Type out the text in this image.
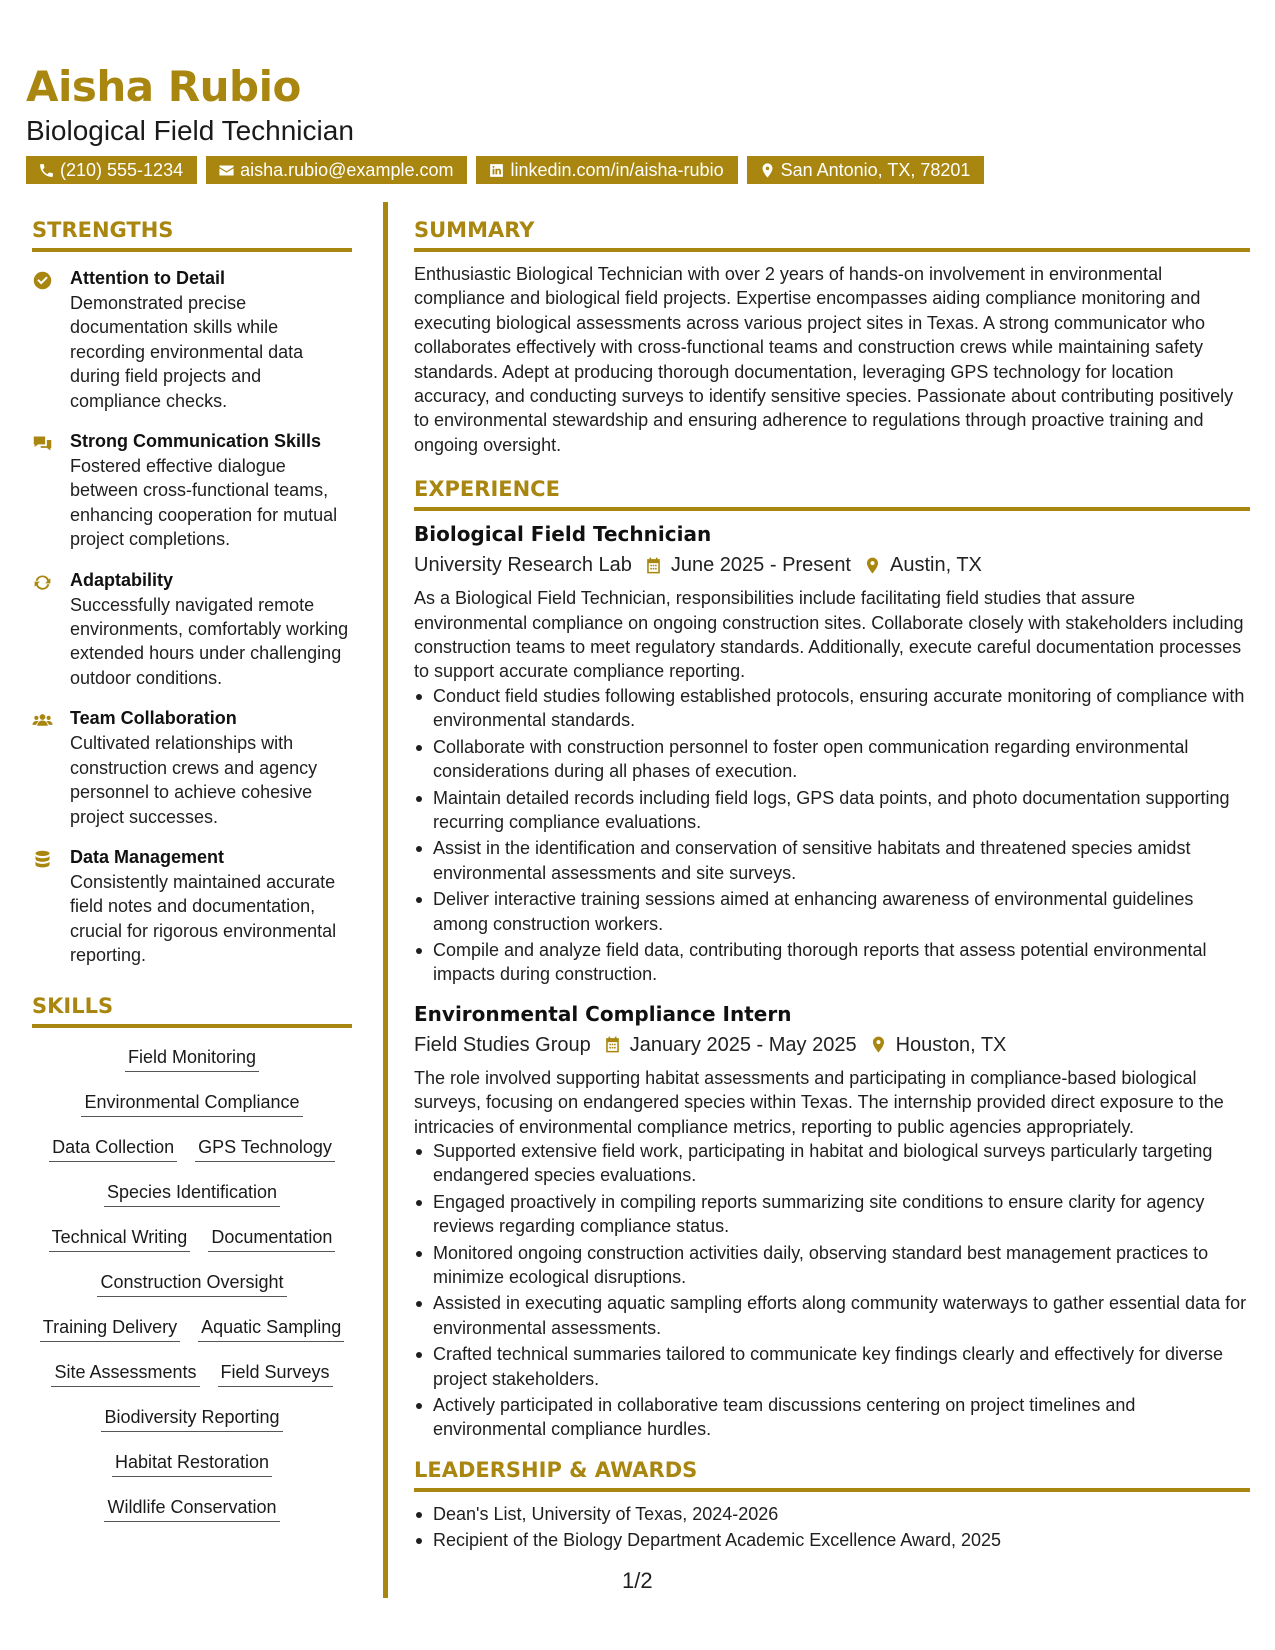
Aisha Rubio
Biological Field Technician
(210) 555-1234	aisha.rubio@example.com	linkedin.com/in/aisha-rubio	San Antonio, TX, 78201
STRENGTHS
Attention to Detail
Demonstrated precise documentation skills while recording environmental data during field projects and compliance checks.
Strong Communication Skills
Fostered effective dialogue between cross-functional teams, enhancing cooperation for mutual project completions.
Adaptability
Successfully navigated remote environments, comfortably working extended hours under challenging outdoor conditions.
Team Collaboration
Cultivated relationships with construction crews and agency personnel to achieve cohesive project successes.
Data Management
Consistently maintained accurate field notes and documentation, crucial for rigorous environmental reporting.
SKILLS
Field Monitoring
Environmental Compliance
Data Collection GPS Technology
Species Identification
Technical Writing Documentation
Construction Oversight
Training Delivery Aquatic Sampling
Site Assessments Field Surveys
Biodiversity Reporting
Habitat Restoration
Wildlife Conservation
SUMMARY
Enthusiastic Biological Technician with over 2 years of hands-on involvement in environmental compliance and biological field projects. Expertise encompasses aiding compliance monitoring and executing biological assessments across various project sites in Texas. A strong communicator who collaborates effectively with cross-functional teams and construction crews while maintaining safety standards. Adept at producing thorough documentation, leveraging GPS technology for location accuracy, and conducting surveys to identify sensitive species. Passionate about contributing positively to environmental stewardship and ensuring adherence to regulations through proactive training and ongoing oversight.
EXPERIENCE
Biological Field Technician
University Research Lab June 2025 - Present Austin, TX
As a Biological Field Technician, responsibilities include facilitating field studies that assure environmental compliance on ongoing construction sites. Collaborate closely with stakeholders including construction teams to meet regulatory standards. Additionally, execute careful documentation processes to support accurate compliance reporting.
Conduct field studies following established protocols, ensuring accurate monitoring of compliance with environmental standards.
Collaborate with construction personnel to foster open communication regarding environmental considerations during all phases of execution.
Maintain detailed records including field logs, GPS data points, and photo documentation supporting recurring compliance evaluations.
Assist in the identification and conservation of sensitive habitats and threatened species amidst environmental assessments and site surveys.
Deliver interactive training sessions aimed at enhancing awareness of environmental guidelines among construction workers.
Compile and analyze field data, contributing thorough reports that assess potential environmental impacts during construction.
Environmental Compliance Intern
Field Studies Group January 2025 - May 2025 Houston, TX
The role involved supporting habitat assessments and participating in compliance-based biological surveys, focusing on endangered species within Texas. The internship provided direct exposure to the intricacies of environmental compliance metrics, reporting to public agencies appropriately.
Supported extensive field work, participating in habitat and biological surveys particularly targeting endangered species evaluations.
Engaged proactively in compiling reports summarizing site conditions to ensure clarity for agency reviews regarding compliance status.
Monitored ongoing construction activities daily, observing standard best management practices to minimize ecological disruptions.
Assisted in executing aquatic sampling efforts along community waterways to gather essential data for environmental assessments.
Crafted technical summaries tailored to communicate key findings clearly and effectively for diverse project stakeholders.
Actively participated in collaborative team discussions centering on project timelines and environmental compliance hurdles.
LEADERSHIP & AWARDS
Dean's List, University of Texas, 2024-2026
Recipient of the Biology Department Academic Excellence Award, 2025
1/2
